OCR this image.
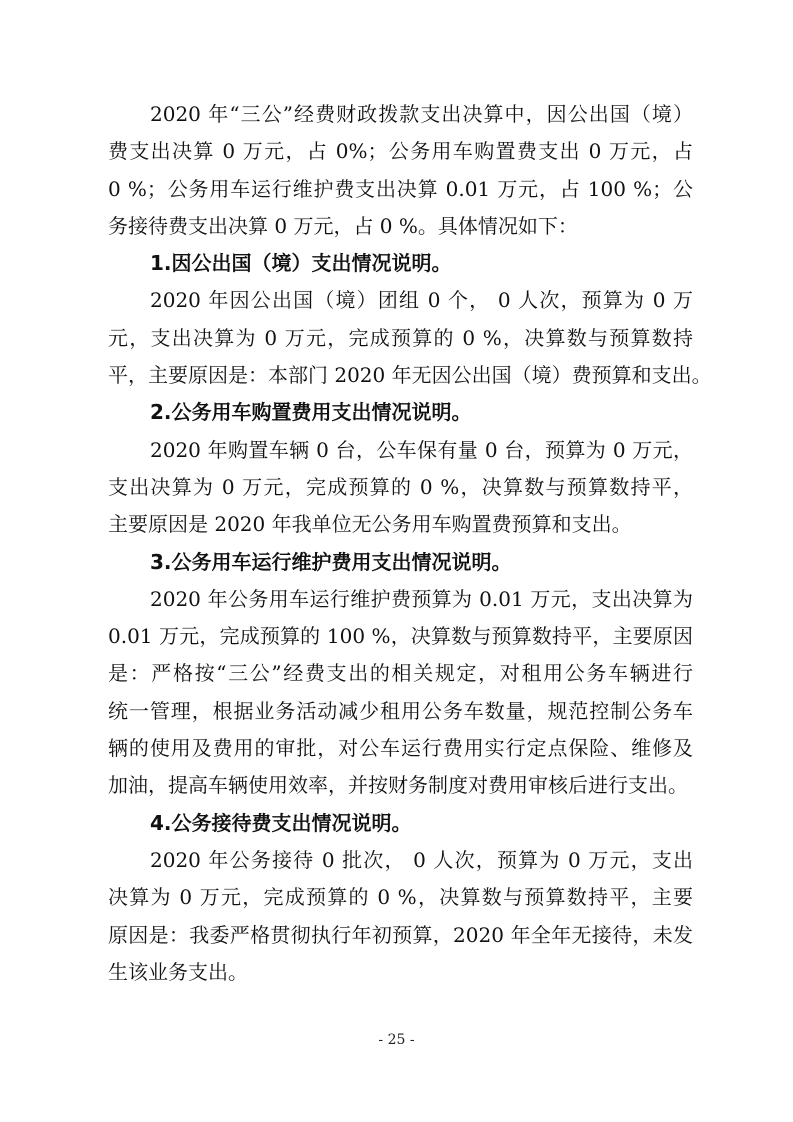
2020 年“三公”经费财政拨款支出决算中，因公出国（境）
费支出决算 0 万元，占 0%；公务用车购置费支出 0 万元，占
0 %；公务用车运行维护费支出决算 0.01 万元，占 100 %；公
务接待费支出决算 0 万元，占 0 %。具体情况如下：
1.因公出国（境）支出情况说明。
2020 年因公出国（境）团组 0 个， 0 人次，预算为 0 万
元，支出决算为 0 万元，完成预算的 0 %，决算数与预算数持
平，主要原因是：本部门 2020 年无因公出国（境）费预算和支出。
2.公务用车购置费用支出情况说明。
2020 年购置车辆 0 台，公车保有量 0 台，预算为 0 万元，
支出决算为 0 万元，完成预算的 0 %，决算数与预算数持平，
主要原因是 2020 年我单位无公务用车购置费预算和支出。
3.公务用车运行维护费用支出情况说明。
2020 年公务用车运行维护费预算为 0.01 万元，支出决算为
0.01 万元，完成预算的 100 %，决算数与预算数持平，主要原因
是：严格按“三公”经费支出的相关规定，对租用公务车辆进行
统一管理，根据业务活动减少租用公务车数量，规范控制公务车
辆的使用及费用的审批，对公车运行费用实行定点保险、维修及
加油，提高车辆使用效率，并按财务制度对费用审核后进行支出。
4.公务接待费支出情况说明。
2020 年公务接待 0 批次， 0 人次，预算为 0 万元，支出
决算为 0 万元，完成预算的 0 %，决算数与预算数持平，主要
原因是：我委严格贯彻执行年初预算，2020 年全年无接待，未发
生该业务支出。
- 25 -
